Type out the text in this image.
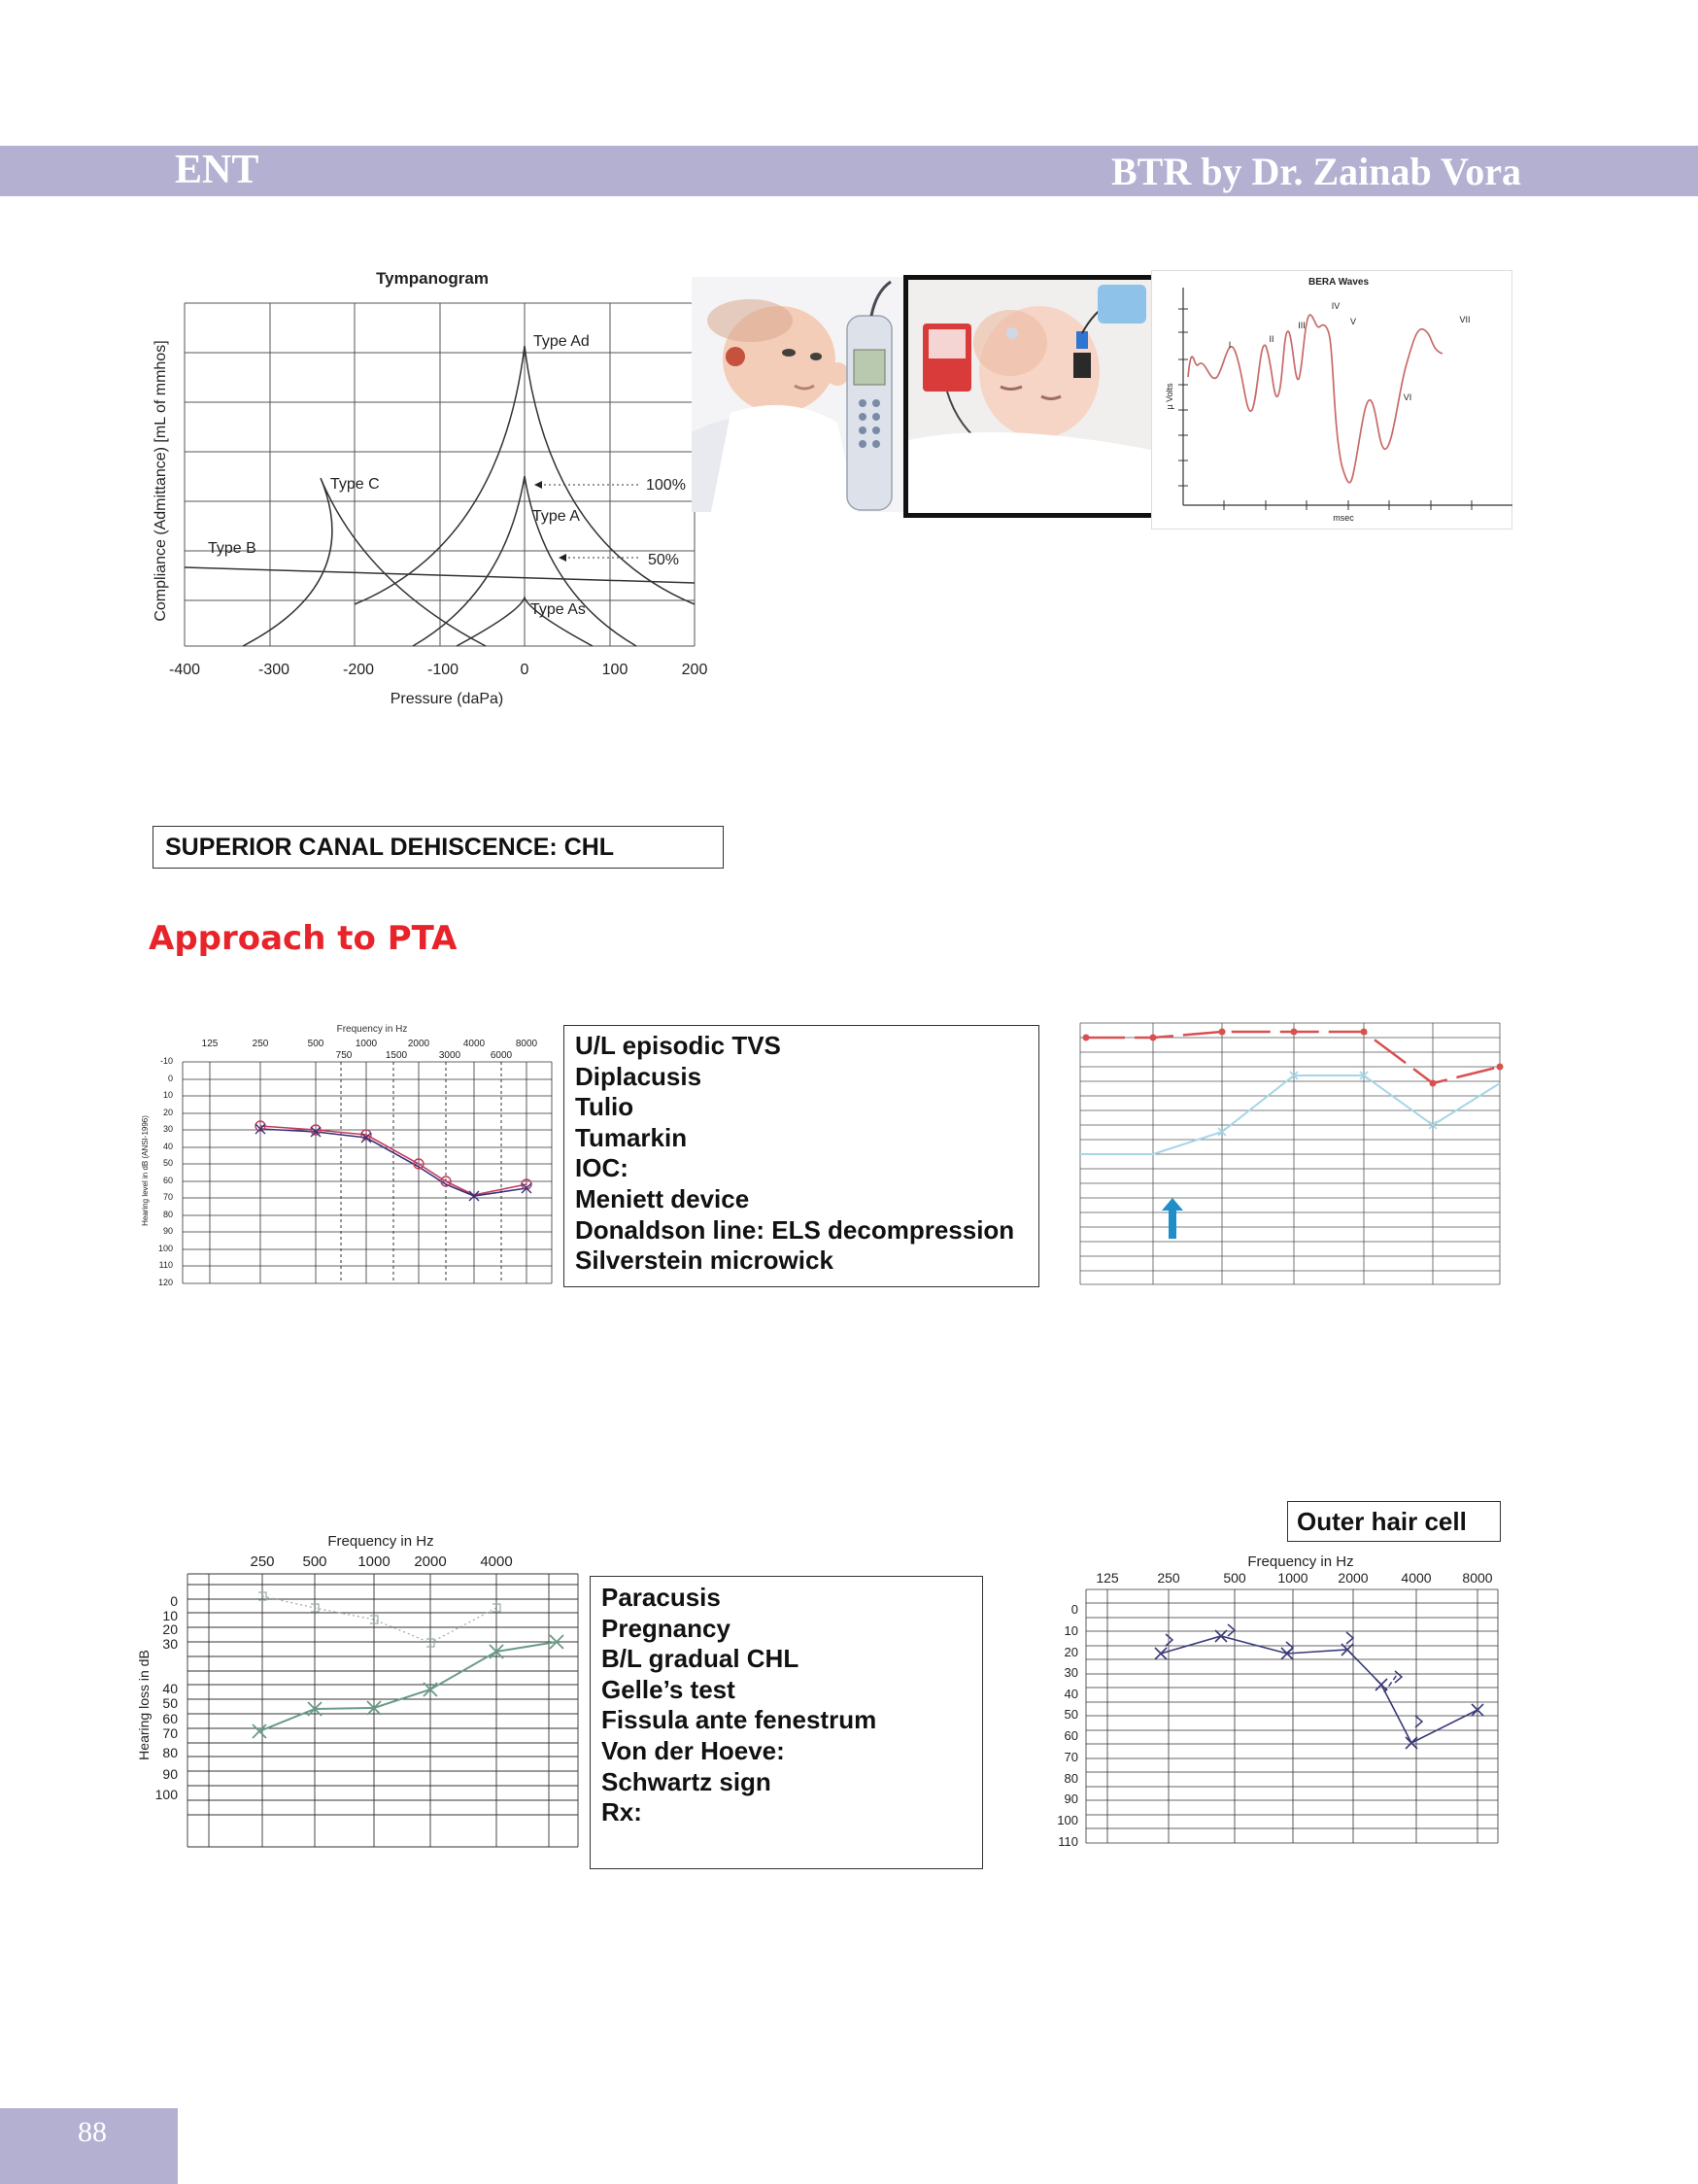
ENT	BTR by Dr. Zainab Vora
Tympanogram
Type Ad
Type C
Type A
Type B
Type As
100%
50%
-400	-300	-200	-100	0	100	200
Pressure (daPa)
Compliance (Admittance) [mL of mmhos]
BERA Waves
µ Volts
msec
I
II
III
IV
V
VI
VII
SUPERIOR CANAL DEHISCENCE: CHL
Approach to PTA
Frequency in Hz
125	250	500	1000	2000	4000	8000
750	1500	3000	6000
-10
0
10
20
30
40
50
60
70
80
90
100
110
120
Hearing level in dB (ANSI-1996)
U/L episodic TVS
Diplacusis
Tulio
Tumarkin
IOC:
Meniett device
Donaldson line: ELS decompression
Silverstein microwick
Frequency in Hz
250 500 1000 2000 4000
0
10
20
30
40
50
60
70
80
90
100
Hearing loss in dB
Paracusis
Pregnancy
B/L gradual CHL
Gelle’s test
Fissula ante fenestrum
Von der Hoeve:
Schwartz sign
Rx:
Outer hair cell
Frequency in Hz
125	250	500 1000 2000 4000 8000
0
10
20
30
40
50
60
70
80
90
100
110
88
